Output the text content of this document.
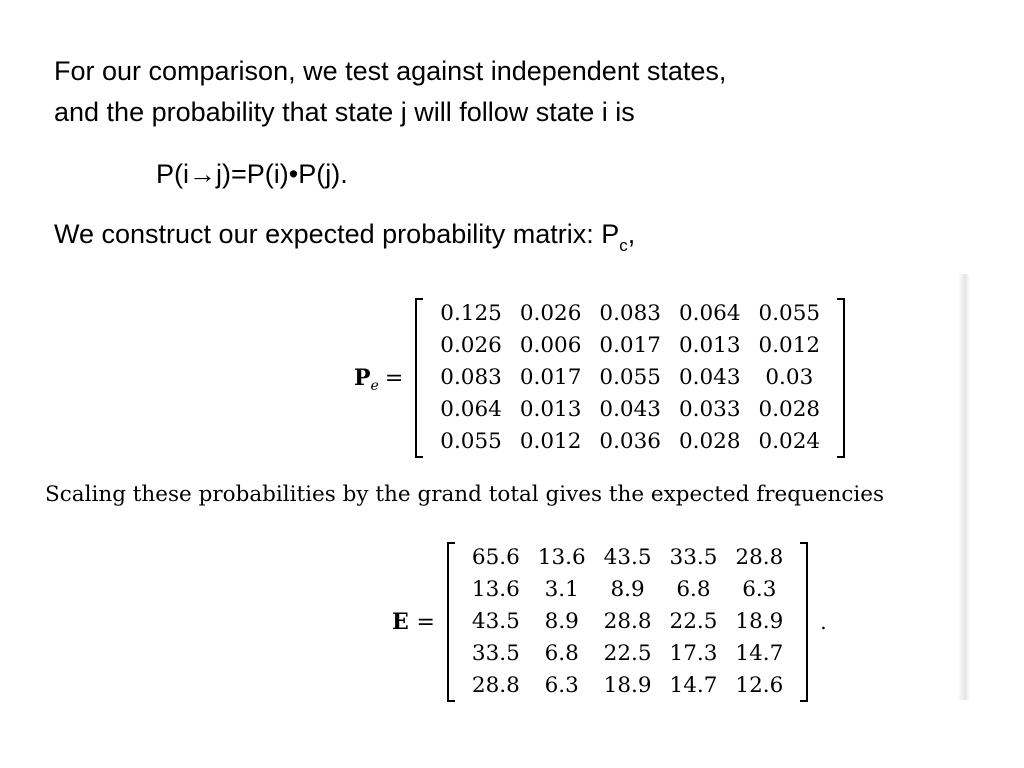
For our comparison, we test against independent states,
and the probability that state j will follow state i is
P(i→j)=P(i)•P(j).
We construct our expected probability matrix: $P_c$,
$P_e$ =
0.125	0.026	0.083	0.064	0.055
0.026	0.006	0.017	0.013	0.012
0.083	0.017	0.055	0.043	0.03
0.064	0.013	0.043	0.033	0.028
0.055	0.012	0.036	0.028	0.024
Scaling these probabilities by the grand total gives the expected frequencies
E =
65.6	13.6	43.5	33.5	28.8
13.6	3.1	8.9	6.8	6.3
43.5	8.9	28.8	22.5	18.9
33.5	6.8	22.5	17.3	14.7
28.8	6.3	18.9	14.7	12.6
.
